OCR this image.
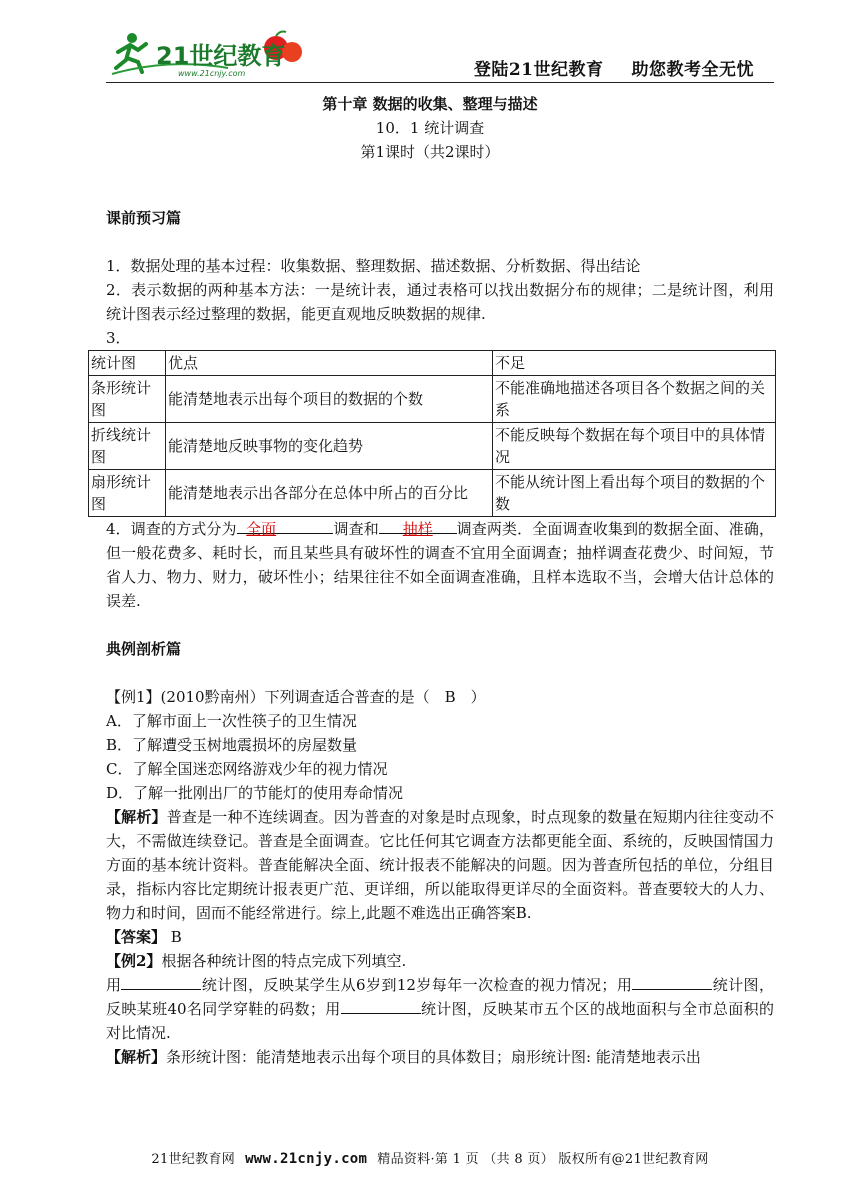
21世纪教育
www.21cnjy.com	登陆21世纪教育 助您教考全无忧
第十章 数据的收集、整理与描述
10．1 统计调查
第1课时（共2课时）
课前预习篇
1．数据处理的基本过程：收集数据、整理数据、描述数据、分析数据、得出结论
2．表示数据的两种基本方法：一是统计表，通过表格可以找出数据分布的规律；二是统计图，利用统计图表示经过整理的数据，能更直观地反映数据的规律.
3．
统计图	优点	不足
条形统计图	能清楚地表示出每个项目的数据的个数	不能准确地描述各项目各个数据之间的关系
折线统计图	能清楚地反映事物的变化趋势	不能反映每个数据在每个项目中的具体情况
扇形统计图	能清楚地表示出各部分在总体中所占的百分比	不能从统计图上看出每个项目的数据的个数
4．调查的方式分为 全面	调查和 抽样 调查两类．全面调查收集到的数据全面、准确，但一般花费多、耗时长，而且某些具有破坏性的调查不宜用全面调查；抽样调查花费少、时间短，节省人力、物力、财力，破坏性小；结果往往不如全面调查准确，且样本选取不当，会增大估计总体的误差.
典例剖析篇
【例1】(2010黔南州）下列调查适合普查的是（　B　）
A．了解市面上一次性筷子的卫生情况
B．了解遭受玉树地震损坏的房屋数量
C．了解全国迷恋网络游戏少年的视力情况
D．了解一批刚出厂的节能灯的使用寿命情况
【解析】普查是一种不连续调查。因为普查的对象是时点现象，时点现象的数量在短期内往往变动不大，不需做连续登记。普查是全面调查。它比任何其它调查方法都更能全面、系统的，反映国情国力方面的基本统计资料。普查能解决全面、统计报表不能解决的问题。因为普查所包括的单位，分组目录，指标内容比定期统计报表更广范、更详细，所以能取得更详尽的全面资料。普查要较大的人力、物力和时间，固而不能经常进行。综上,此题不难选出正确答案B.
【答案】 B
【例2】根据各种统计图的特点完成下列填空.
用	统计图，反映某学生从6岁到12岁每年一次检查的视力情况；用	统计图，反映某班40名同学穿鞋的码数；用	统计图，反映某市五个区的战地面积与全市总面积的对比情况.
【解析】条形统计图：能清楚地表示出每个项目的具体数目；扇形统计图: 能清楚地表示出
21世纪教育网 www.21cnjy.com 精品资料·第 1 页 （共 8 页） 版权所有@21世纪教育网
